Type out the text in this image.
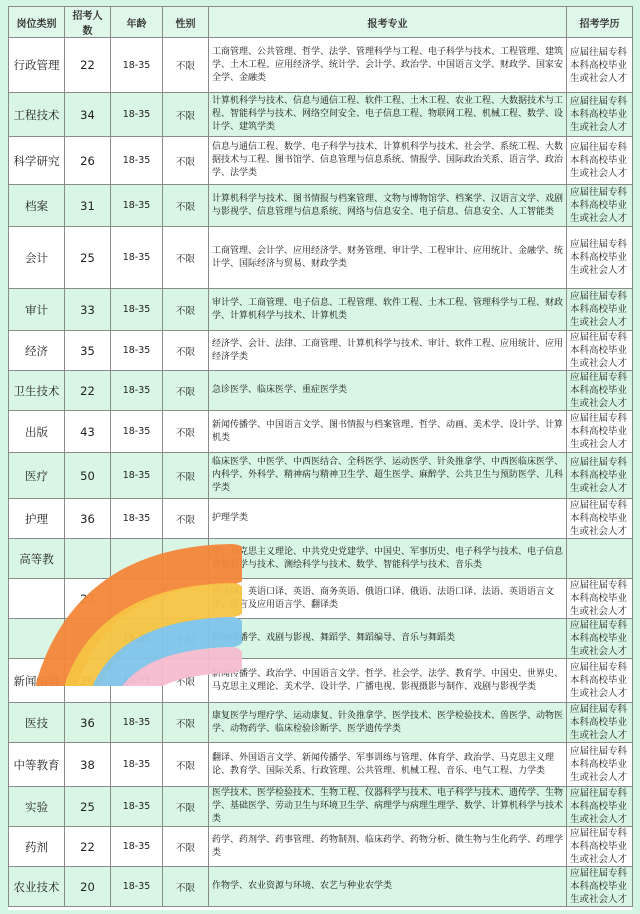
岗位类别	招考人数	年龄	性别	报考专业	招考学历
行政管理	22	18-35	不限	工商管理、公共管理、哲学、法学、管理科学与工程、电子科学与技术、工程管理、建筑学、土木工程、应用经济学、统计学、会计学、政治学、中国语言文学、财政学、国家安全学、金融类	应届往届专科本科高校毕业生或社会人才
工程技术	34	18-35	不限	计算机科学与技术、信息与通信工程、软件工程、土木工程、农业工程、大数据技术与工程、智能科学与技术、网络空间安全、电子信息工程、物联网工程、机械工程、数学、设计学、建筑学类	应届往届专科本科高校毕业生或社会人才
科学研究	26	18-35	不限	信息与通信工程、数学、电子科学与技术、计算机科学与技术、社会学、系统工程、大数据技术与工程、图书馆学、信息管理与信息系统、情报学、国际政治关系、语言学、政治学、法学类	应届往届专科本科高校毕业生或社会人才
档案	31	18-35	不限	计算机科学与技术、图书情报与档案管理、文物与博物馆学、档案学、汉语言文学、戏剧与影视学、信息管理与信息系统、网络与信息安全、电子信息、信息安全、人工智能类	应届往届专科本科高校毕业生或社会人才
会计	25	18-35	不限	工商管理、会计学、应用经济学、财务管理、审计学、工程审计、应用统计、金融学、统计学、国际经济与贸易、财政学类	应届往届专科本科高校毕业生或社会人才
审计	33	18-35	不限	审计学、工商管理、电子信息、工程管理、软件工程、土木工程、管理科学与工程、财政学、计算机科学与技术、计算机类	应届往届专科本科高校毕业生或社会人才
经济	35	18-35	不限	经济学、会计、法律、工商管理、计算机科学与技术、审计、软件工程、应用统计、应用经济学类	应届往届专科本科高校毕业生或社会人才
卫生技术	22	18-35	不限	急诊医学、临床医学、重症医学类	应届往届专科本科高校毕业生或社会人才
出版	43	18-35	不限	新闻传播学、中国语言文学、图书情报与档案管理、哲学、动画、美术学、设计学、计算机类	应届往届专科本科高校毕业生或社会人才
医疗	50	18-35	不限	临床医学、中医学、中西医结合、全科医学、运动医学、针灸推拿学、中西医临床医学、内科学、外科学、精神病与精神卫生学、超生医学、麻醉学、公共卫生与预防医学、儿科学类	应届往届专科本科高校毕业生或社会人才
护理	36	18-35	不限	护理学类	应届往届专科本科高校毕业生或社会人才
高等教				学、马克思主义理论、中共党史党建学、中国史、军事历史、电子科学与技术、电子信息算机科学与技术、测绘科学与技术、数学、智能科学与技术、音乐类	
	27			语笔译、英语口译、英语、商务英语、俄语口译、俄语、法语口译、法语、英语语言文学、语言及应用语言学、翻译类	应届往届专科本科高校毕业生或社会人才
		18-35	不限	新闻传播学、戏剧与影视、舞蹈学、舞蹈编导、音乐与舞蹈类	应届往届专科本科高校毕业生或社会人才
新闻编辑	26	18-35	不限	新闻传播学、政治学、中国语言文学、哲学、社会学、法学、教育学、中国史、世界史、马克思主义理论、美术学、设计学、广播电视、影视摄影与制作、戏剧与影视学类	应届往届专科本科高校毕业生或社会人才
医技	36	18-35	不限	康复医学与理疗学、运动康复、针灸推拿学、医学技术、医学检验技术、兽医学、动物医学、动物药学、临床检验诊断学、医学遗传学类	应届往届专科本科高校毕业生或社会人才
中等教育	38	18-35	不限	翻译、外国语言文学、新闻传播学、军事训练与管理、体育学、政治学、马克思主义理论、教育学、国际关系、行政管理、公共管理、机械工程、音乐、电气工程、力学类	应届往届专科本科高校毕业生或社会人才
实验	25	18-35	不限	医学技术、医学检验技术、生物工程、仪器科学与技术、电子科学与技术、遗传学、生物学、基础医学、劳动卫生与环境卫生学、病理学与病理生理学、数学、计算机科学与技术类	应届往届专科本科高校毕业生或社会人才
药剂	22	18-35	不限	药学、药剂学、药事管理、药物制剂、临床药学、药物分析、微生物与生化药学、药理学类	应届往届专科本科高校毕业生或社会人才
农业技术	20	18-35	不限	作物学、农业资源与环境、农艺与种业农学类	应届往届专科本科高校毕业生或社会人才
